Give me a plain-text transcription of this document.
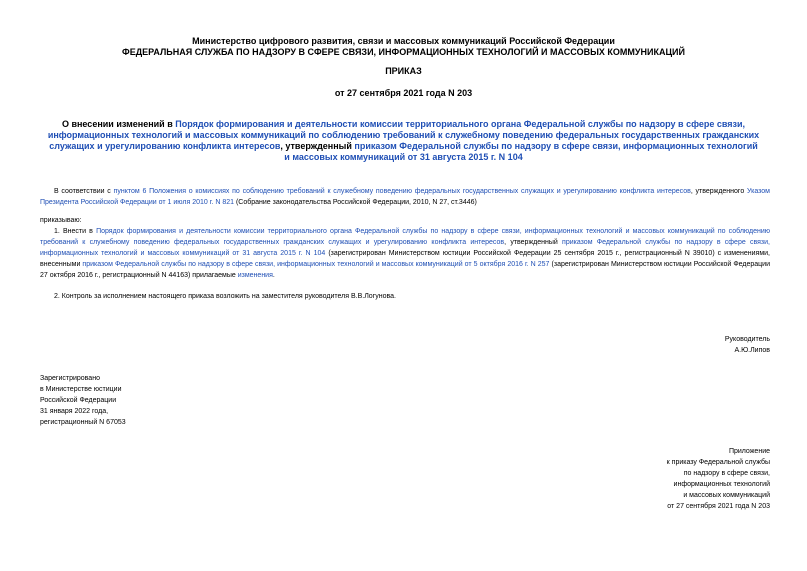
Министерство цифрового развития, связи и массовых коммуникаций Российской Федерации
ФЕДЕРАЛЬНАЯ СЛУЖБА ПО НАДЗОРУ В СФЕРЕ СВЯЗИ, ИНФОРМАЦИОННЫХ ТЕХНОЛОГИЙ И МАССОВЫХ КОММУНИКАЦИЙ
ПРИКАЗ
от 27 сентября 2021 года N 203
О внесении изменений в Порядок формирования и деятельности комиссии территориального органа Федеральной службы по надзору в сфере связи, информационных технологий и массовых коммуникаций по соблюдению требований к служебному поведению федеральных государственных гражданских служащих и урегулированию конфликта интересов, утвержденный приказом Федеральной службы по надзору в сфере связи, информационных технологий и массовых коммуникаций от 31 августа 2015 г. N 104
В соответствии с пунктом 6 Положения о комиссиях по соблюдению требований к служебному поведению федеральных государственных служащих и урегулированию конфликта интересов, утвержденного Указом Президента Российской Федерации от 1 июля 2010 г. N 821 (Собрание законодательства Российской Федерации, 2010, N 27, ст.3446)
приказываю:
1. Внести в Порядок формирования и деятельности комиссии территориального органа Федеральной службы по надзору в сфере связи, информационных технологий и массовых коммуникаций по соблюдению требований к служебному поведению федеральных государственных гражданских служащих и урегулированию конфликта интересов, утвержденный приказом Федеральной службы по надзору в сфере связи, информационных технологий и массовых коммуникаций от 31 августа 2015 г. N 104 (зарегистрирован Министерством юстиции Российской Федерации 25 сентября 2015 г., регистрационный N 39010) с изменениями, внесенными приказом Федеральной службы по надзору в сфере связи, информационных технологий и массовых коммуникаций от 5 октября 2016 г. N 257 (зарегистрирован Министерством юстиции Российской Федерации 27 октября 2016 г., регистрационный N 44163) прилагаемые изменения.
2. Контроль за исполнением настоящего приказа возложить на заместителя руководителя В.В.Логунова.
Руководитель
А.Ю.Липов
Зарегистрировано
в Министерстве юстиции
Российской Федерации
31 января 2022 года,
регистрационный N 67053
Приложение
к приказу Федеральной службы
по надзору в сфере связи,
информационных технологий
и массовых коммуникаций
от 27 сентября 2021 года N 203
